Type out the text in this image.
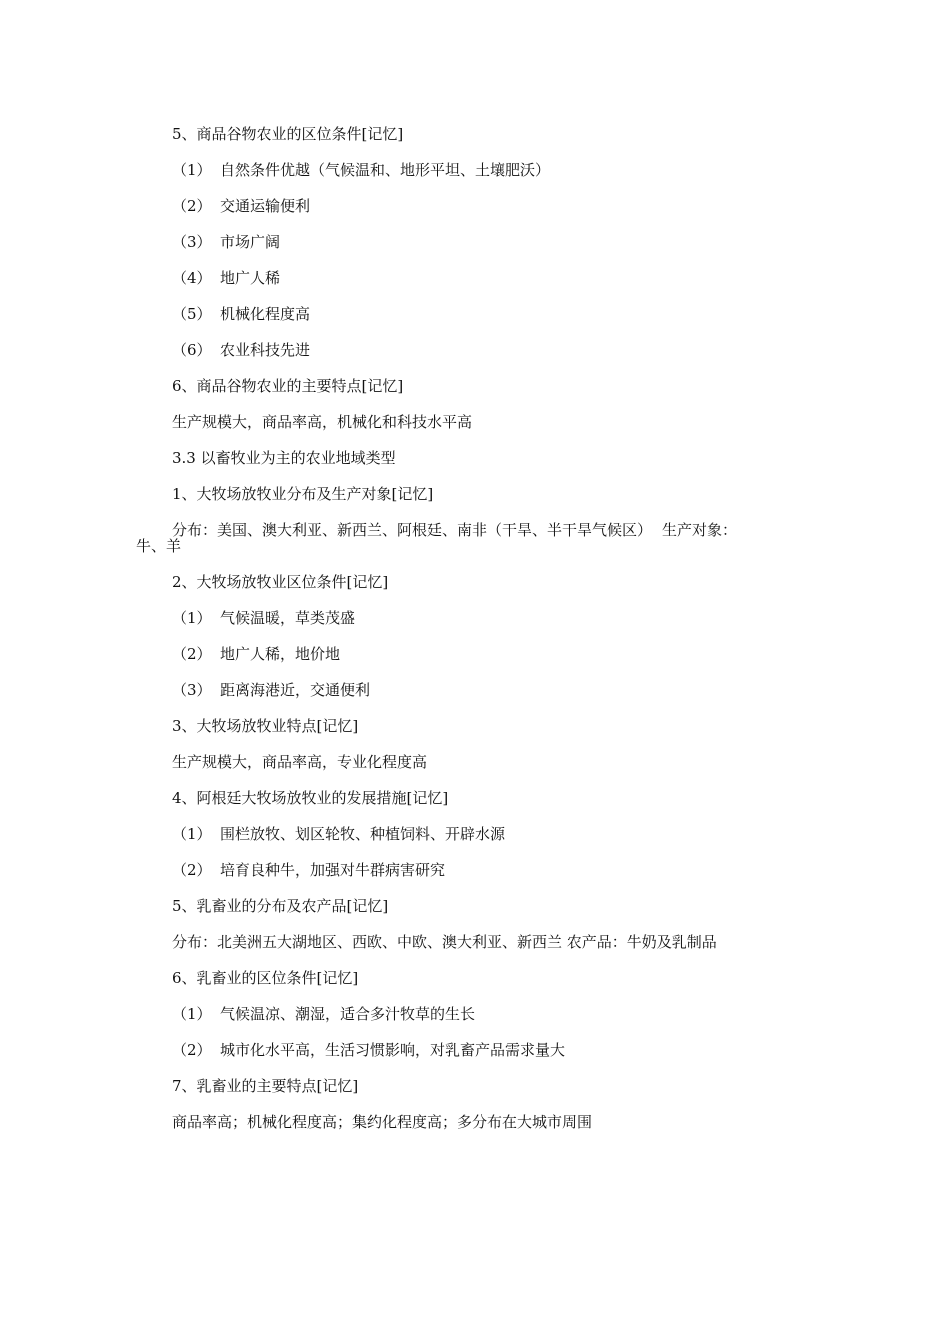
5、商品谷物农业的区位条件[记忆]
（1） 自然条件优越（气候温和、地形平坦、土壤肥沃）
（2） 交通运输便利
（3） 市场广阔
（4） 地广人稀
（5） 机械化程度高
（6） 农业科技先进
6、商品谷物农业的主要特点[记忆]
生产规模大，商品率高，机械化和科技水平高
3.3 以畜牧业为主的农业地域类型
1、大牧场放牧业分布及生产对象[记忆]
分布：美国、澳大利亚、新西兰、阿根廷、南非（干旱、半干旱气候区） 生产对象：
牛、羊
2、大牧场放牧业区位条件[记忆]
（1） 气候温暖，草类茂盛
（2） 地广人稀，地价地
（3） 距离海港近，交通便利
3、大牧场放牧业特点[记忆]
生产规模大，商品率高，专业化程度高
4、阿根廷大牧场放牧业的发展措施[记忆]
（1） 围栏放牧、划区轮牧、种植饲料、开辟水源
（2） 培育良种牛，加强对牛群病害研究
5、乳畜业的分布及农产品[记忆]
分布：北美洲五大湖地区、西欧、中欧、澳大利亚、新西兰 农产品：牛奶及乳制品
6、乳畜业的区位条件[记忆]
（1） 气候温凉、潮湿，适合多汁牧草的生长
（2） 城市化水平高，生活习惯影响，对乳畜产品需求量大
7、乳畜业的主要特点[记忆]
商品率高；机械化程度高；集约化程度高；多分布在大城市周围
